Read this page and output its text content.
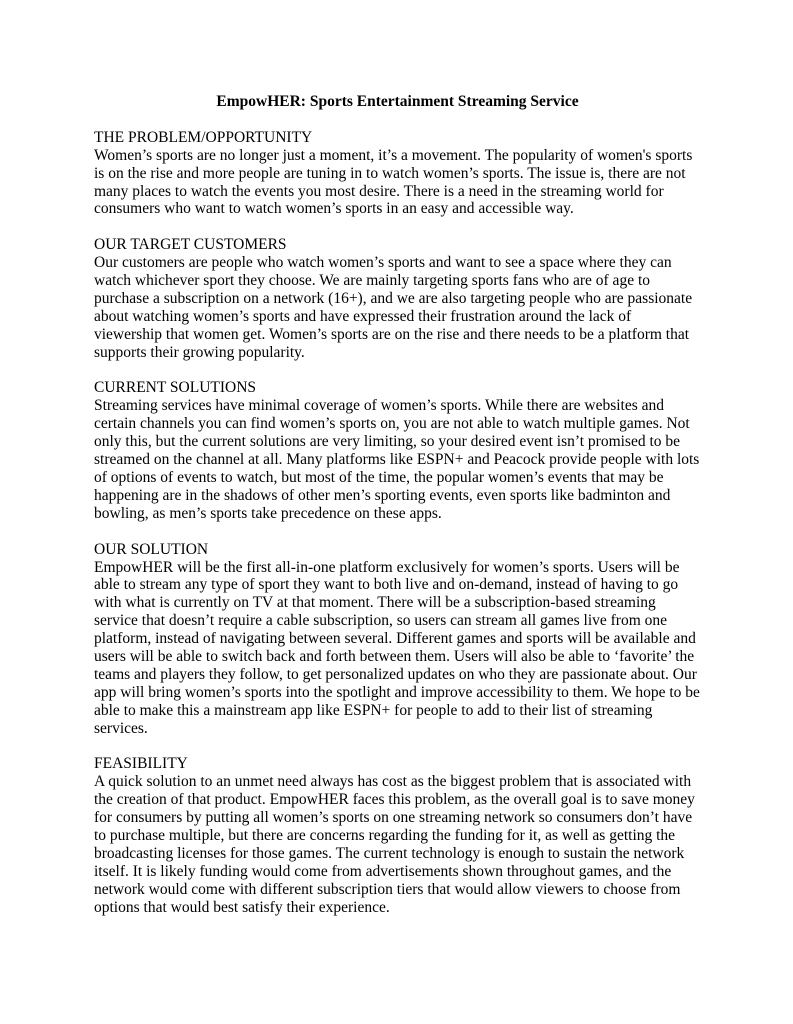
EmpowHER: Sports Entertainment Streaming Service
THE PROBLEM/OPPORTUNITY

Women’s sports are no longer just a moment, it’s a movement. The popularity of women's sports is on the rise and more people are tuning in to watch women’s sports. The issue is, there are not many places to watch the events you most desire. There is a need in the streaming world for consumers who want to watch women’s sports in an easy and accessible way.

OUR TARGET CUSTOMERS

Our customers are people who watch women’s sports and want to see a space where they can watch whichever sport they choose. We are mainly targeting sports fans who are of age to purchase a subscription on a network (16+), and we are also targeting people who are passionate about watching women’s sports and have expressed their frustration around the lack of viewership that women get. Women’s sports are on the rise and there needs to be a platform that supports their growing popularity.

CURRENT SOLUTIONS

Streaming services have minimal coverage of women’s sports. While there are websites and certain channels you can find women’s sports on, you are not able to watch multiple games. Not only this, but the current solutions are very limiting, so your desired event isn’t promised to be streamed on the channel at all. Many platforms like ESPN+ and Peacock provide people with lots of options of events to watch, but most of the time, the popular women’s events that may be happening are in the shadows of other men’s sporting events, even sports like badminton and bowling, as men’s sports take precedence on these apps.

OUR SOLUTION

EmpowHER will be the first all-in-one platform exclusively for women’s sports. Users will be able to stream any type of sport they want to both live and on-demand, instead of having to go with what is currently on TV at that moment. There will be a subscription-based streaming service that doesn’t require a cable subscription, so users can stream all games live from one platform, instead of navigating between several. Different games and sports will be available and users will be able to switch back and forth between them. Users will also be able to ‘favorite’ the teams and players they follow, to get personalized updates on who they are passionate about. Our app will bring women’s sports into the spotlight and improve accessibility to them. We hope to be able to make this a mainstream app like ESPN+ for people to add to their list of streaming services.

FEASIBILITY

A quick solution to an unmet need always has cost as the biggest problem that is associated with the creation of that product. EmpowHER faces this problem, as the overall goal is to save money for consumers by putting all women’s sports on one streaming network so consumers don’t have to purchase multiple, but there are concerns regarding the funding for it, as well as getting the broadcasting licenses for those games. The current technology is enough to sustain the network itself. It is likely funding would come from advertisements shown throughout games, and the network would come with different subscription tiers that would allow viewers to choose from options that would best satisfy their experience.
